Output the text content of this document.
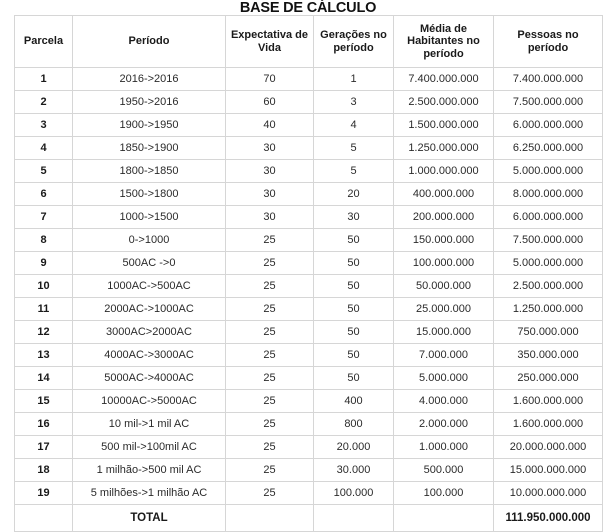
BASE DE CÁLCULO
Parcela	Período	Expectativa de Vida	Gerações no período	Média de Habitantes no período	Pessoas no período
1	2016->2016	70	1	7.400.000.000	7.400.000.000
2	1950->2016	60	3	2.500.000.000	7.500.000.000
3	1900->1950	40	4	1.500.000.000	6.000.000.000
4	1850->1900	30	5	1.250.000.000	6.250.000.000
5	1800->1850	30	5	1.000.000.000	5.000.000.000
6	1500->1800	30	20	400.000.000	8.000.000.000
7	1000->1500	30	30	200.000.000	6.000.000.000
8	0->1000	25	50	150.000.000	7.500.000.000
9	500AC ->0	25	50	100.000.000	5.000.000.000
10	1000AC->500AC	25	50	50.000.000	2.500.000.000
11	2000AC->1000AC	25	50	25.000.000	1.250.000.000
12	3000AC>2000AC	25	50	15.000.000	750.000.000
13	4000AC->3000AC	25	50	7.000.000	350.000.000
14	5000AC->4000AC	25	50	5.000.000	250.000.000
15	10000AC->5000AC	25	400	4.000.000	1.600.000.000
16	10 mil->1 mil AC	25	800	2.000.000	1.600.000.000
17	500 mil->100mil AC	25	20.000	1.000.000	20.000.000.000
18	1 milhão->500 mil AC	25	30.000	500.000	15.000.000.000
19	5 milhões->1 milhão AC	25	100.000	100.000	10.000.000.000
	TOTAL				111.950.000.000
